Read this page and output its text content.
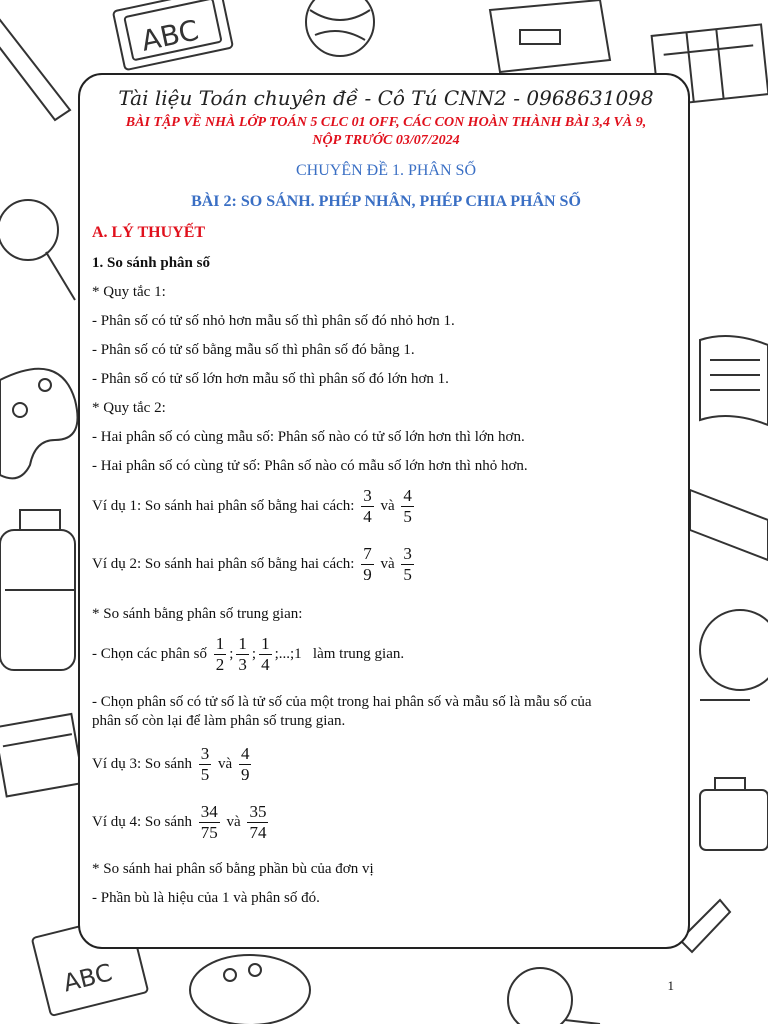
ABC
ABC

Tài liệu Toán chuyên đề - Cô Tú CNN2 - 0968631098

BÀI TẬP VỀ NHÀ LỚP TOÁN 5 CLC 01 OFF, CÁC CON HOÀN THÀNH BÀI 3,4 VÀ 9,
NỘP TRƯỚC 03/07/2024

CHUYÊN ĐỀ 1. PHÂN SỐ

BÀI 2: SO SÁNH. PHÉP NHÂN, PHÉP CHIA PHÂN SỐ

A. LÝ THUYẾT
1. So sánh phân số
* Quy tắc 1:
- Phân số có tử số nhỏ hơn mẫu số thì phân số đó nhỏ hơn 1.
- Phân số có tử số bằng mẫu số thì phân số đó bằng 1.
- Phân số có tử số lớn hơn mẫu số thì phân số đó lớn hơn 1.
* Quy tắc 2:
- Hai phân số có cùng mẫu số: Phân số nào có tử số lớn hơn thì lớn hơn.
- Hai phân số có cùng tử số: Phân số nào có mẫu số lớn hơn thì nhỏ hơn.
Ví dụ 1: So sánh hai phân số bằng hai cách: $\frac{3}{4}$ và $\frac{4}{5}$
Ví dụ 2: So sánh hai phân số bằng hai cách: $\frac{7}{9}$ và $\frac{3}{5}$
* So sánh bằng phân số trung gian:
- Chọn các phân số $\frac{1}{2}$ ; $\frac{1}{3}$ ; $\frac{1}{4}$ ;...;1 làm trung gian.
- Chọn phân số có tử số là tử số của một trong hai phân số và mẫu số là mẫu số của
phân số còn lại để làm phân số trung gian.
Ví dụ 3: So sánh $\frac{3}{5}$ và $\frac{4}{9}$
Ví dụ 4: So sánh $\frac{34}{75}$ và $\frac{35}{74}$
* So sánh hai phân số bằng phần bù của đơn vị
- Phần bù là hiệu của 1 và phân số đó.
1
